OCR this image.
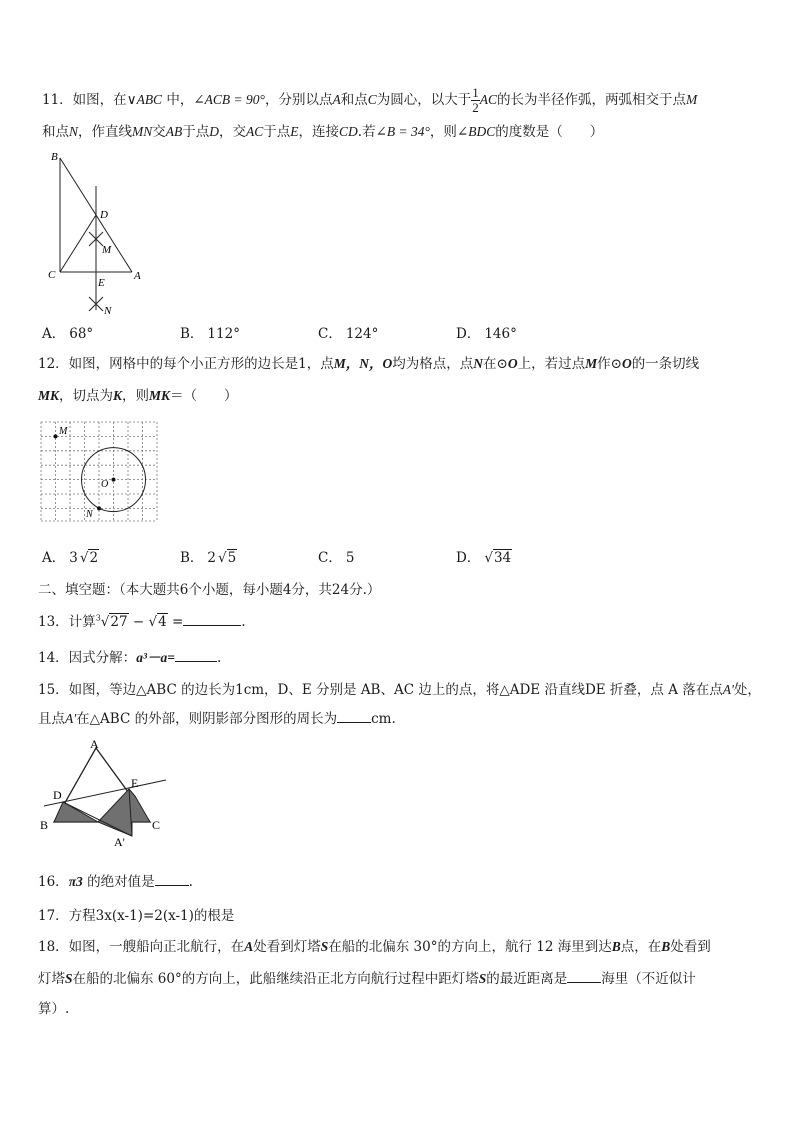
11．如图，在∨ABC 中，∠ACB = 90°，分别以点A和点C为圆心，以大于 $\frac{1}{2}$ AC的长为半径作弧，两弧相交于点M
和点N，作直线MN交AB于点D，交AC于点E，连接CD.若∠B = 34°，则∠BDC的度数是（　　）
B
D
M
C	A
E
N
A． 68°	B． 112°	C． 124°	D． 146°
12．如图，网格中的每个小正方形的边长是1，点M，N，O均为格点，点N在⊙O上，若过点M作⊙O的一条切线
MK，切点为K，则MK＝（　　）
M
O
N
A． 3 √2	B． 2 √5	C． 5	D． √34
二、填空题：（本大题共6个小题，每小题4分，共24分.）
13．计算$^3$√27 − √4 =	.
14．因式分解：a³－a=	.
15．如图，等边△ABC 的边长为1cm，D、E 分别是 AB、AC 边上的点，将△ADE 沿直线DE 折叠，点 A 落在点A'处，
且点A'在△ABC 的外部，则阴影部分图形的周长为	cm.
A
E
D
B	C
A'
16．π3 的绝对值是	.
17．方程3x(x-1)=2(x-1)的根是
18．如图，一艘船向正北航行，在A处看到灯塔S在船的北偏东 30°的方向上，航行 12 海里到达B点，在B处看到
灯塔S在船的北偏东 60°的方向上，此船继续沿正北方向航行过程中距灯塔S的最近距离是	海里（不近似计
算）.
